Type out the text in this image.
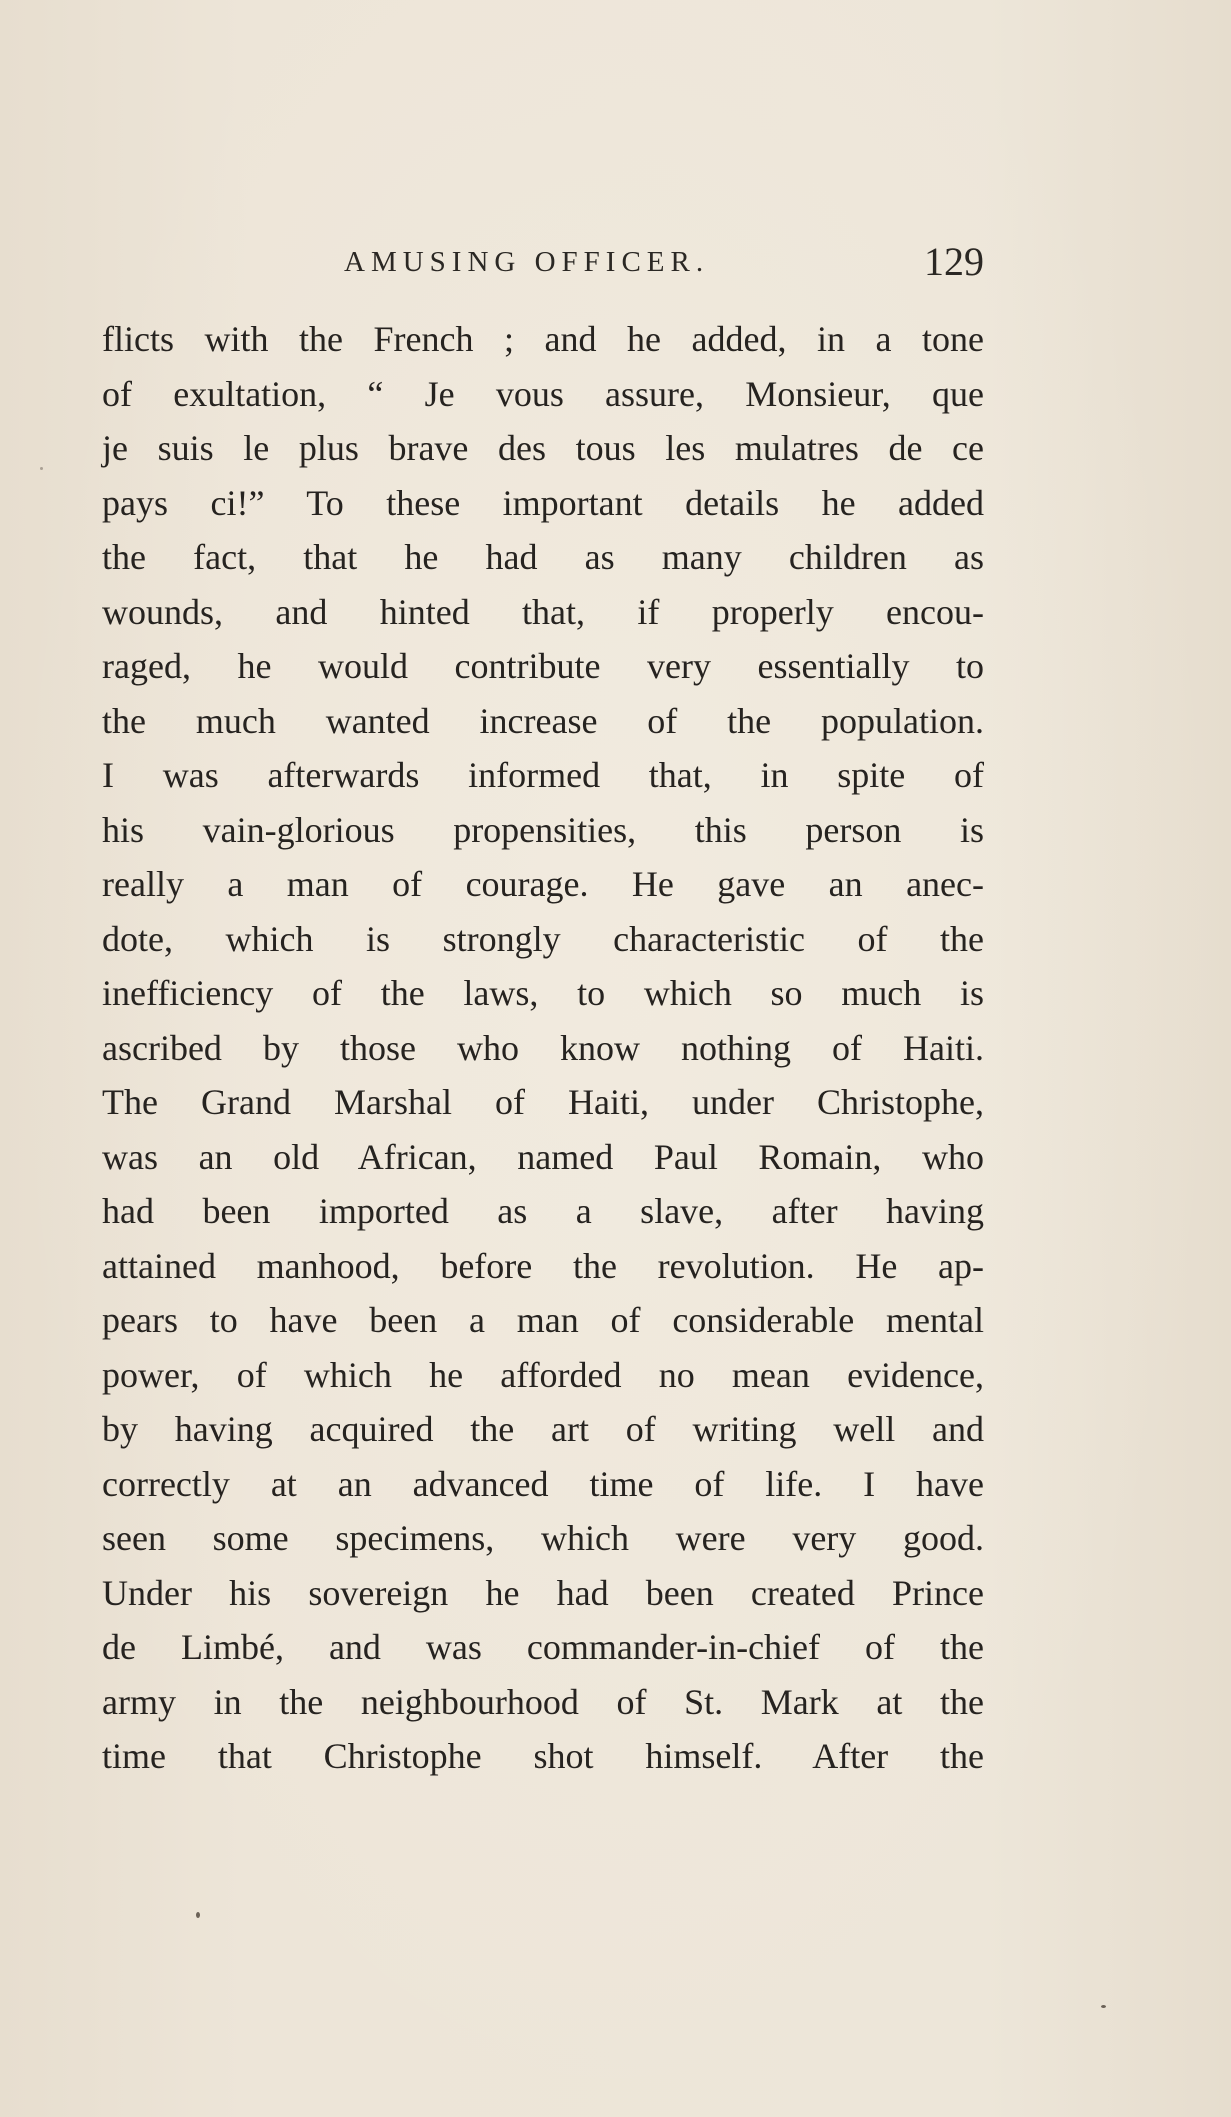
AMUSING OFFICER.	129
flicts with the French ; and he added, in a tone
of exultation, “ Je vous assure, Monsieur, que
je suis le plus brave des tous les mulatres de ce
pays ci!” To these important details he added
the fact, that he had as many children as
wounds, and hinted that, if properly encou-
raged, he would contribute very essentially to
the much wanted increase of the population.
I was afterwards informed that, in spite of
his vain-glorious propensities, this person is
really a man of courage. He gave an anec-
dote, which is strongly characteristic of the
inefficiency of the laws, to which so much is
ascribed by those who know nothing of Haiti.
The Grand Marshal of Haiti, under Christophe,
was an old African, named Paul Romain, who
had been imported as a slave, after having
attained manhood, before the revolution. He ap-
pears to have been a man of considerable mental
power, of which he afforded no mean evidence,
by having acquired the art of writing well and
correctly at an advanced time of life. I have
seen some specimens, which were very good.
Under his sovereign he had been created Prince
de Limbé, and was commander-in-chief of the
army in the neighbourhood of St. Mark at the
time that Christophe shot himself. After the
